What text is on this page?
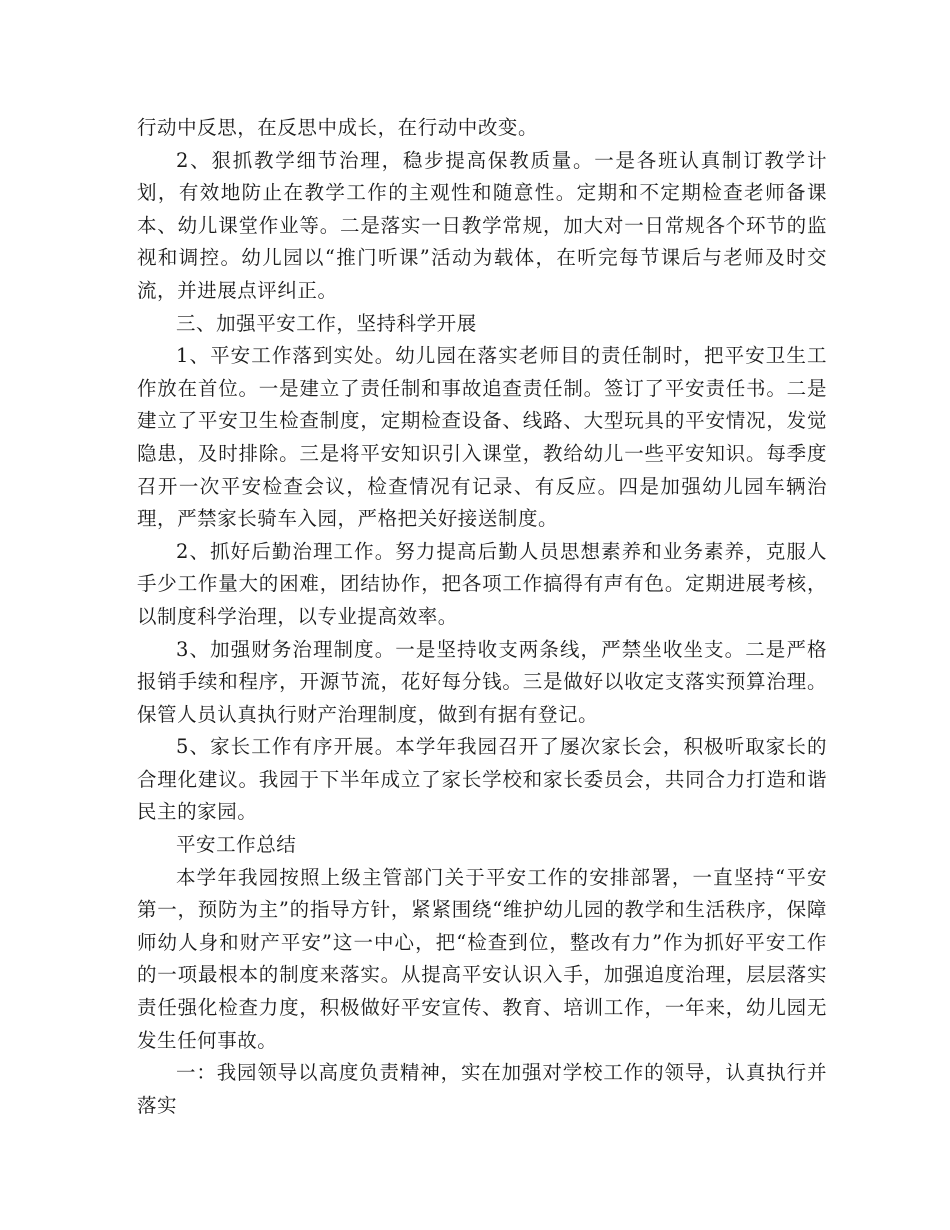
行动中反思，在反思中成长，在行动中改变。

2、狠抓教学细节治理，稳步提高保教质量。一是各班认真制订教学计划，有效地防止在教学工作的主观性和随意性。定期和不定期检查老师备课本、幼儿课堂作业等。二是落实一日教学常规，加大对一日常规各个环节的监视和调控。幼儿园以“推门听课”活动为载体，在听完每节课后与老师及时交流，并进展点评纠正。

三、加强平安工作，坚持科学开展

1、平安工作落到实处。幼儿园在落实老师目的责任制时，把平安卫生工作放在首位。一是建立了责任制和事故追查责任制。签订了平安责任书。二是建立了平安卫生检查制度，定期检查设备、线路、大型玩具的平安情况，发觉隐患，及时排除。三是将平安知识引入课堂，教给幼儿一些平安知识。每季度召开一次平安检查会议，检查情况有记录、有反应。四是加强幼儿园车辆治理，严禁家长骑车入园，严格把关好接送制度。

2、抓好后勤治理工作。努力提高后勤人员思想素养和业务素养，克服人手少工作量大的困难，团结协作，把各项工作搞得有声有色。定期进展考核，以制度科学治理，以专业提高效率。

3、加强财务治理制度。一是坚持收支两条线，严禁坐收坐支。二是严格报销手续和程序，开源节流，花好每分钱。三是做好以收定支落实预算治理。保管人员认真执行财产治理制度，做到有据有登记。

5、家长工作有序开展。本学年我园召开了屡次家长会，积极听取家长的合理化建议。我园于下半年成立了家长学校和家长委员会，共同合力打造和谐民主的家园。

平安工作总结

本学年我园按照上级主管部门关于平安工作的安排部署，一直坚持“平安第一，预防为主”的指导方针，紧紧围绕“维护幼儿园的教学和生活秩序，保障师幼人身和财产平安”这一中心，把“检查到位，整改有力”作为抓好平安工作的一项最根本的制度来落实。从提高平安认识入手，加强追度治理，层层落实责任强化检查力度，积极做好平安宣传、教育、培训工作，一年来，幼儿园无发生任何事故。

一：我园领导以高度负责精神，实在加强对学校工作的领导，认真执行并落实
